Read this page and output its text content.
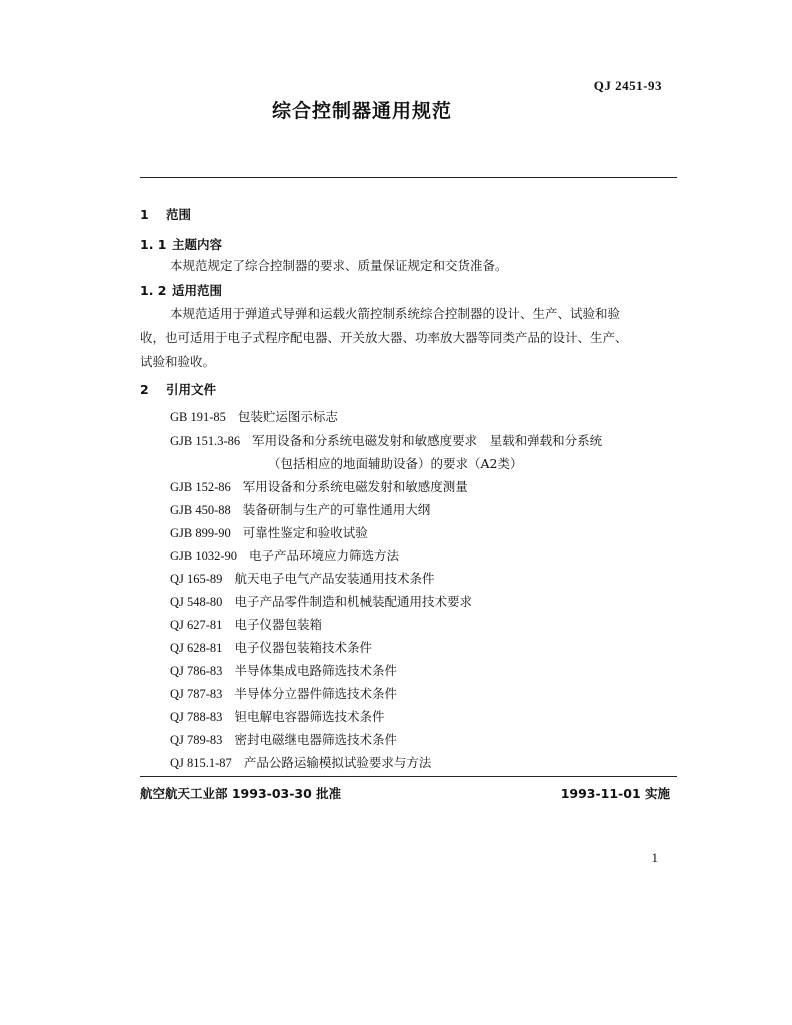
QJ 2451-93
综合控制器通用规范
1 范围
1. 1 主题内容
本规范规定了综合控制器的要求、质量保证规定和交货准备。
1. 2 适用范围
本规范适用于弹道式导弹和运载火箭控制系统综合控制器的设计、生产、试验和验
收，也可适用于电子式程序配电器、开关放大器、功率放大器等同类产品的设计、生产、
试验和验收。
2 引用文件
GB 191-85 包装贮运图示标志
GJB 151.3-86 军用设备和分系统电磁发射和敏感度要求　星载和弹载和分系统
（包括相应的地面辅助设备）的要求（A2类）
GJB 152-86 军用设备和分系统电磁发射和敏感度测量
GJB 450-88 装备研制与生产的可靠性通用大纲
GJB 899-90 可靠性鉴定和验收试验
GJB 1032-90 电子产品环境应力筛选方法
QJ 165-89 航天电子电气产品安装通用技术条件
QJ 548-80 电子产品零件制造和机械装配通用技术要求
QJ 627-81 电子仪器包装箱
QJ 628-81 电子仪器包装箱技术条件
QJ 786-83 半导体集成电路筛选技术条件
QJ 787-83 半导体分立器件筛选技术条件
QJ 788-83 钽电解电容器筛选技术条件
QJ 789-83 密封电磁继电器筛选技术条件
QJ 815.1-87 产品公路运输模拟试验要求与方法
航空航天工业部 1993-03-30 批准	1993-11-01 实施
1
